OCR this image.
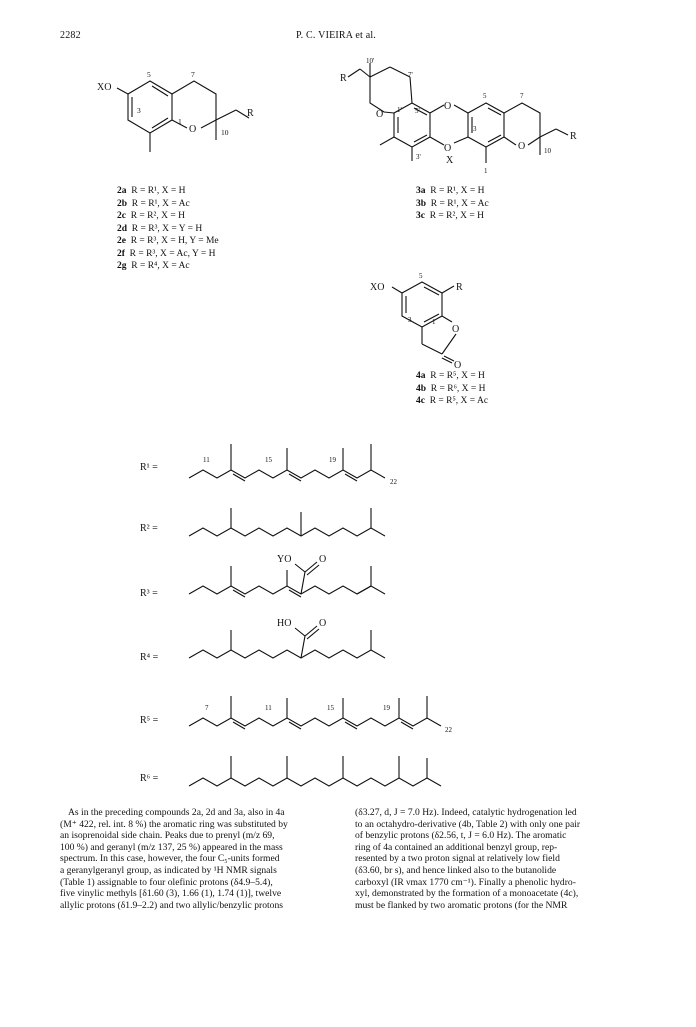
2282	P. C. VIEIRA et al.
XO
5	7
3
1
O	10
R
10'
R	7'
O 1' 5' O
5	7
O
X
3'
3
1
O
R
10
2a R = R¹, X = H
2b R = R¹, X = Ac
2c R = R², X = H
2d R = R³, X = Y = H
2e R = R³, X = H, Y = Me
2f R = R³, X = Ac, Y = H
2g R = R⁴, X = Ac
3a R = R¹, X = H
3b R = R¹, X = Ac
3c R = R², X = H
XO
5
R
3	1
O
O
4a R = R⁵, X = H
4b R = R⁶, X = H
4c R = R⁵, X = Ac
R¹ =
11	15	19
22
R² =
R³ =
YO	O
R⁴ =
HO	O
R⁵ =
7	11	15	19
22
R⁶ =
As in the preceding compounds 2a, 2d and 3a, also in 4a
(M⁺ 422, rel. int. 8 %) the aromatic ring was substituted by
an isoprenoidal side chain. Peaks due to prenyl (m/z 69,
100 %) and geranyl (m/z 137, 25 %) appeared in the mass
spectrum. In this case, however, the four C₅-units formed
a geranylgeranyl group, as indicated by ¹H NMR signals
(Table 1) assignable to four olefinic protons (δ4.9–5.4),
five vinylic methyls [δ1.60 (3), 1.66 (1), 1.74 (1)], twelve
allylic protons (δ1.9–2.2) and two allylic/benzylic protons
(δ3.27, d, J = 7.0 Hz). Indeed, catalytic hydrogenation led
to an octahydro-derivative (4b, Table 2) with only one pair
of benzylic protons (δ2.56, t, J = 6.0 Hz). The aromatic
ring of 4a contained an additional benzyl group, rep-
resented by a two proton signal at relatively low field
(δ3.60, br s), and hence linked also to the butanolide
carboxyl (IR νmax 1770 cm⁻¹). Finally a phenolic hydro-
xyl, demonstrated by the formation of a monoacetate (4c),
must be flanked by two aromatic protons (for the NMR
